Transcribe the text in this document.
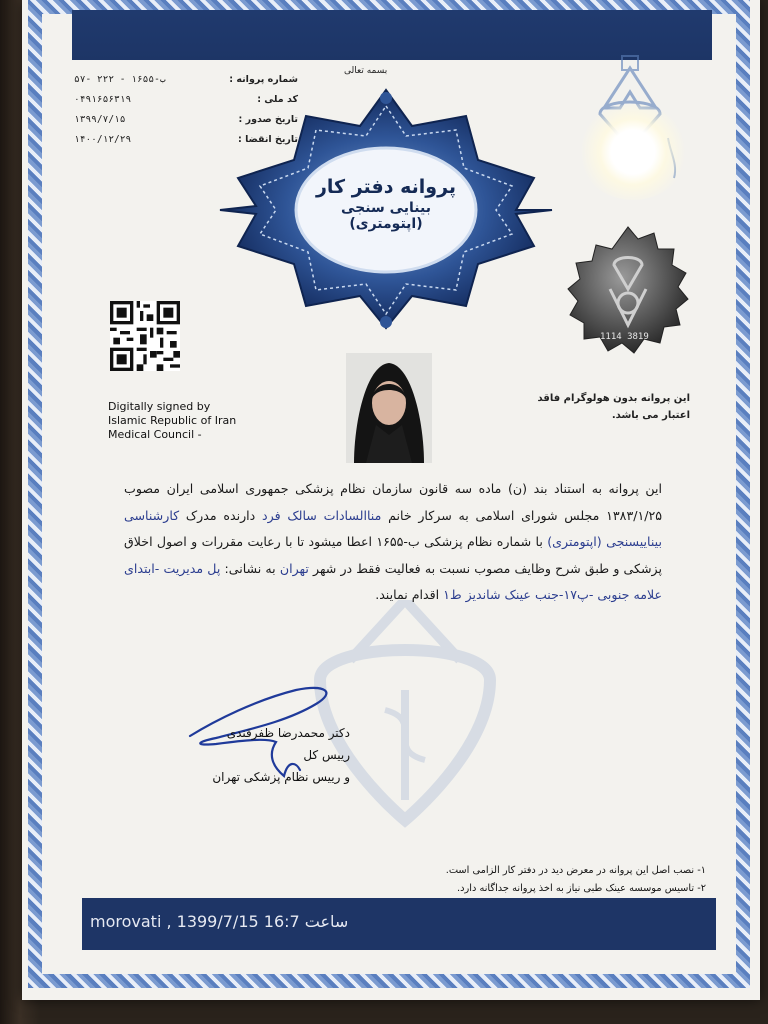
بسمه تعالی
شماره پروانه :
۵۷- ب-۱۶۵۵ - ۲۲۲
کد ملی :
۰۴۹۱۶۵۶۳۱۹
تاریخ صدور :
۱۳۹۹/۷/۱۵
تاریخ انقضا :
۱۴۰۰/۱۲/۲۹
پروانه دفتر کار
بینایی سنجی
(اپتومتری)
Digitally signed by
Islamic Republic of Iran
Medical Council -
1114 3819
این پروانه بدون هولوگرام فاقد
اعتبار می باشد.
این پروانه به استناد بند (ن) ماده سه قانون سازمان نظام پزشکی جمهوری اسلامی ایران مصوب ۱۳۸۳/۱/۲۵ مجلس شورای اسلامی به سرکار خانم مناالسادات سالک فرد دارنده مدرک کارشناسی بیناییسنجی (اپتومتری) با شماره نظام پزشکی ب-۱۶۵۵ اعطا میشود تا با رعایت مقررات و اصول اخلاق پزشکی و طبق شرح وظایف مصوب نسبت به فعالیت فقط در شهر تهران به نشانی: پل مدیریت -ابتدای علامه جنوبی -پ۱۷-جنب عینک شاندیز ط۱ اقدام نمایند.
دکتر محمدرضا ظفرقندی
رییس کل
و رییس نظام پزشکی تهران
۱- نصب اصل این پروانه در معرض دید در دفتر کار الزامی است.
۲- تاسیس موسسه عینک طبی نیاز به اخذ پروانه جداگانه دارد.
morovati , 1399/7/15 16:7 ساعت
